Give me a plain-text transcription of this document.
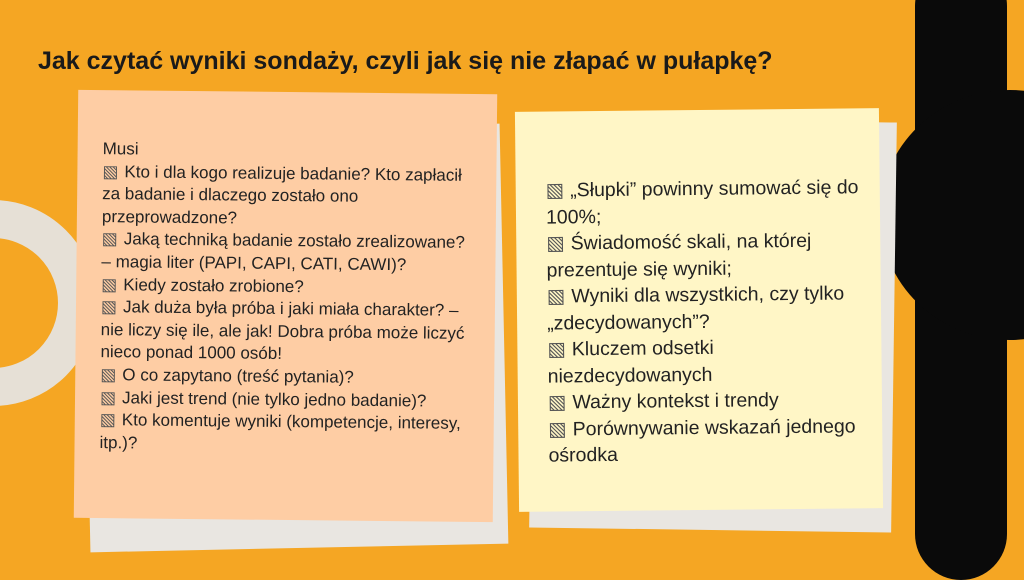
Jak czytać wyniki sondaży, czyli jak się nie złapać w pułapkę?
Musi
▧ Kto i dla kogo realizuje badanie? Kto zapłacił za badanie i dlaczego zostało ono przeprowadzone?
▧ Jaką techniką badanie zostało zrealizowane? – magia liter (PAPI, CAPI, CATI, CAWI)?
▧ Kiedy zostało zrobione?
▧ Jak duża była próba i jaki miała charakter? – nie liczy się ile, ale jak! Dobra próba może liczyć nieco ponad 1000 osób!
▧ O co zapytano (treść pytania)?
▧ Jaki jest trend (nie tylko jedno badanie)?
▧ Kto komentuje wyniki (kompetencje, interesy, itp.)?
▧ „Słupki” powinny sumować się do 100%;
▧ Świadomość skali, na której prezentuje się wyniki;
▧ Wyniki dla wszystkich, czy tylko „zdecydowanych”?
▧ Kluczem odsetki niezdecydowanych
▧ Ważny kontekst i trendy
▧ Porównywanie wskazań jednego ośrodka
